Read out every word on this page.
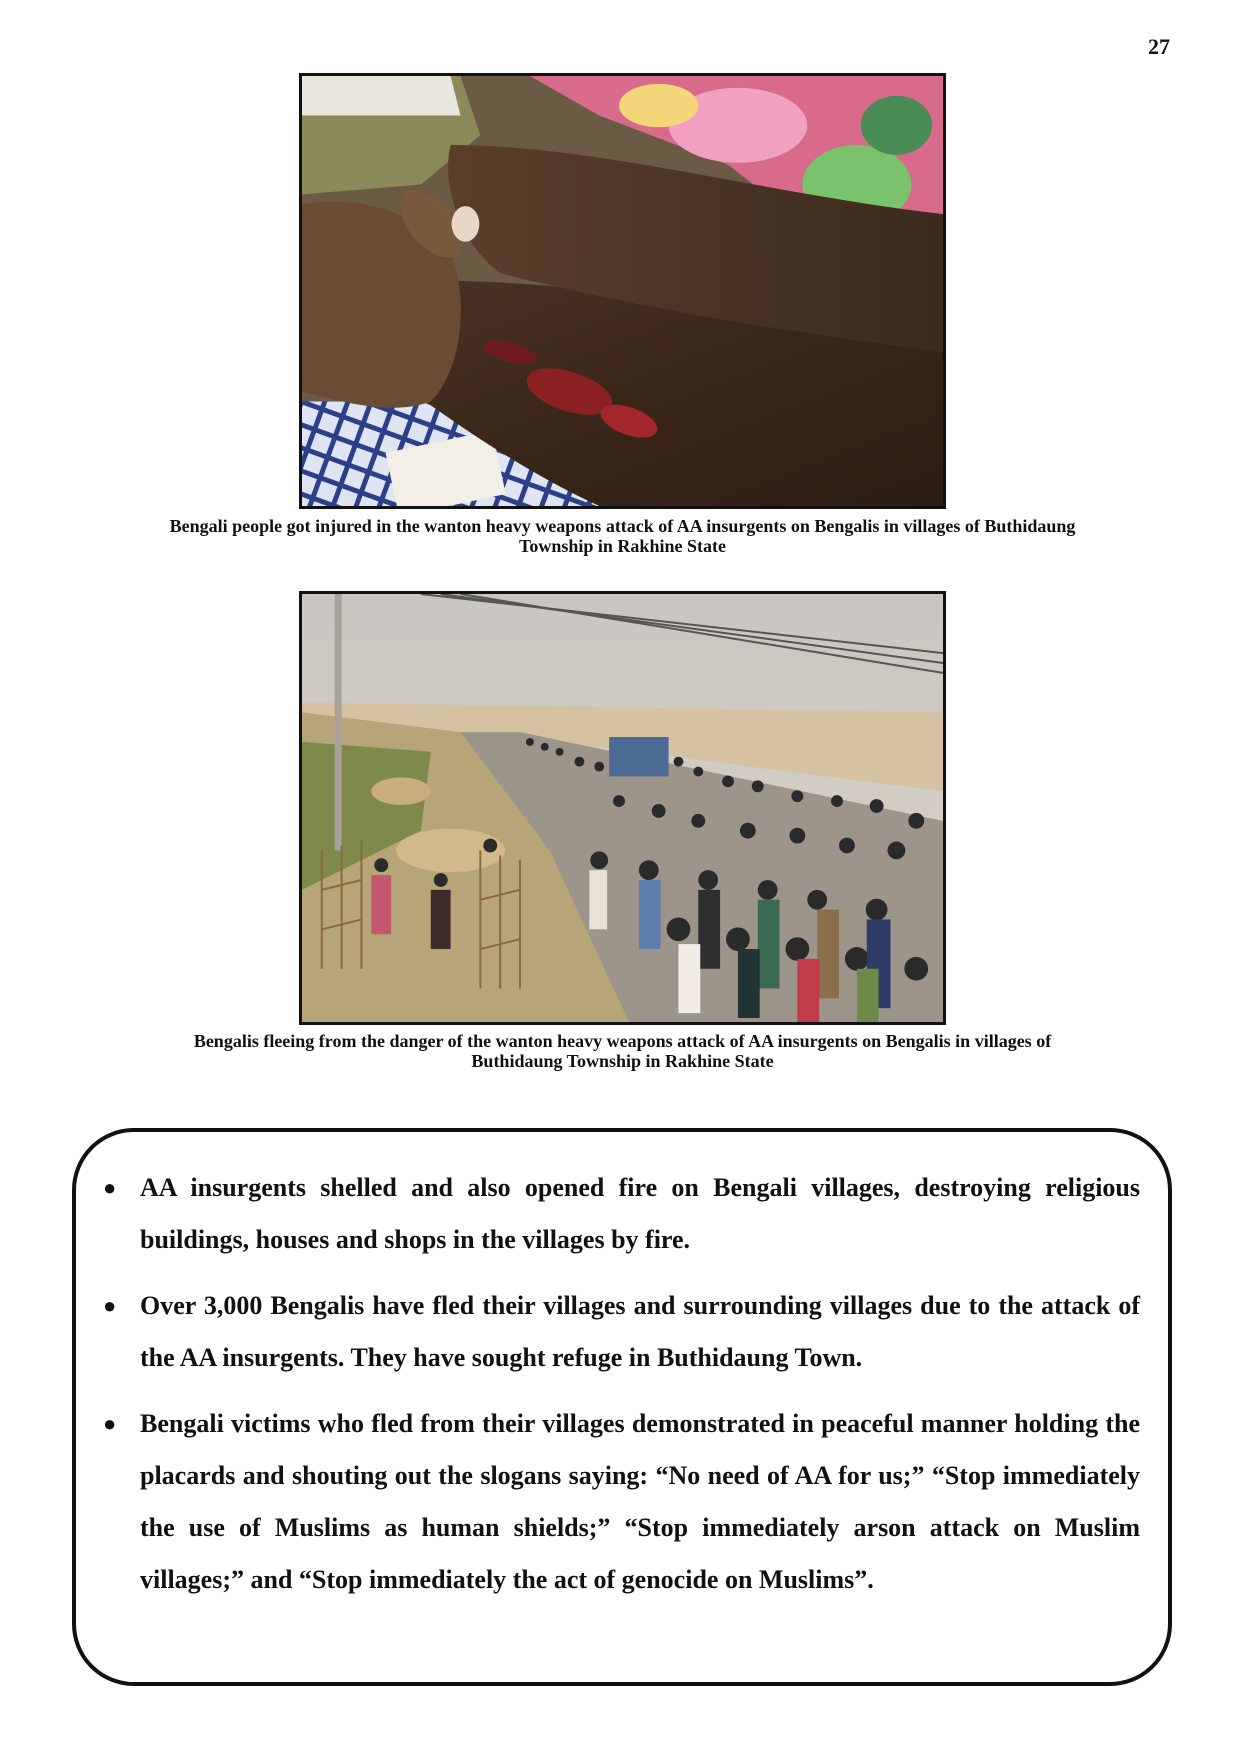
27
Bengali people got injured in the wanton heavy weapons attack of AA insurgents on Bengalis in villages of Buthidaung Township in Rakhine State
Bengalis fleeing from the danger of the wanton heavy weapons attack of AA insurgents on Bengalis in villages of Buthidaung Township in Rakhine State
● AA insurgents shelled and also opened fire on Bengali villages, destroying religious buildings, houses and shops in the villages by fire.
● Over 3,000 Bengalis have fled their villages and surrounding villages due to the attack of the AA insurgents. They have sought refuge in Buthidaung Town.
● Bengali victims who fled from their villages demonstrated in peaceful manner holding the placards and shouting out the slogans saying: “No need of AA for us;” “Stop immediately the use of Muslims as human shields;” “Stop immediately arson attack on Muslim villages;” and “Stop immediately the act of genocide on Muslims”.
